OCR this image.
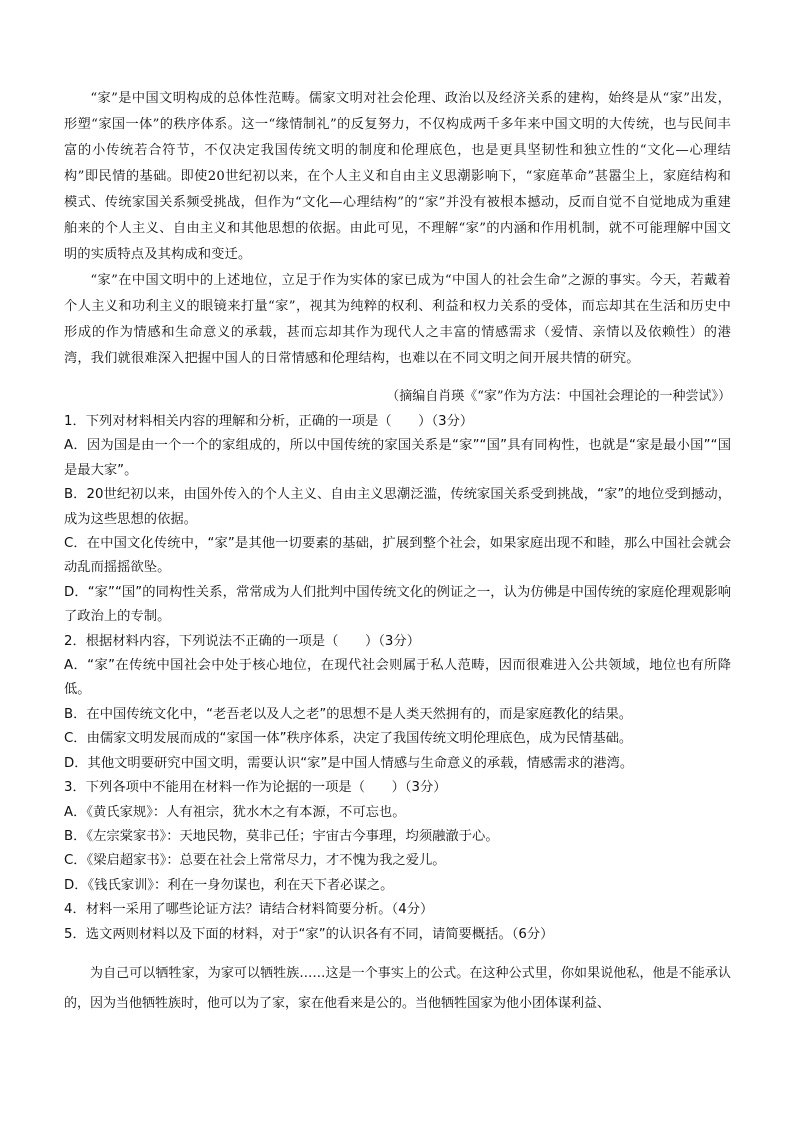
“家”是中国文明构成的总体性范畴。儒家文明对社会伦理、政治以及经济关系的建构，始终是从“家”出发，形塑“家国一体”的秩序体系。这一“缘情制礼”的反复努力，不仅构成两千多年来中国文明的大传统，也与民间丰富的小传统若合符节，不仅决定我国传统文明的制度和伦理底色，也是更具坚韧性和独立性的“文化—心理结构”即民情的基础。即使20世纪初以来，在个人主义和自由主义思潮影响下，“家庭革命”甚嚣尘上，家庭结构和模式、传统家国关系频受挑战，但作为“文化—心理结构”的“家”并没有被根本撼动，反而自觉不自觉地成为重建舶来的个人主义、自由主义和其他思想的依据。由此可见，不理解“家”的内涵和作用机制，就不可能理解中国文明的实质特点及其构成和变迁。

“家”在中国文明中的上述地位，立足于作为实体的家已成为“中国人的社会生命”之源的事实。今天，若戴着个人主义和功利主义的眼镜来打量“家”，视其为纯粹的权利、利益和权力关系的受体，而忘却其在生活和历史中形成的作为情感和生命意义的承载，甚而忘却其作为现代人之丰富的情感需求（爱情、亲情以及依赖性）的港湾，我们就很难深入把握中国人的日常情感和伦理结构，也难以在不同文明之间开展共情的研究。

（摘编自肖瑛《“家”作为方法：中国社会理论的一种尝试》）
1．下列对材料相关内容的理解和分析，正确的一项是（　　）（3分）
A．因为国是由一个一个的家组成的，所以中国传统的家国关系是“家”“国”具有同构性，也就是“家是最小国”“国是最大家”。
B．20世纪初以来，由国外传入的个人主义、自由主义思潮泛滥，传统家国关系受到挑战，“家”的地位受到撼动，成为这些思想的依据。
C．在中国文化传统中，“家”是其他一切要素的基础，扩展到整个社会，如果家庭出现不和睦，那么中国社会就会动乱而摇摇欲坠。
D．“家”“国”的同构性关系，常常成为人们批判中国传统文化的例证之一，认为仿佛是中国传统的家庭伦理观影响了政治上的专制。
2．根据材料内容，下列说法不正确的一项是（　　）（3分）
A．“家”在传统中国社会中处于核心地位，在现代社会则属于私人范畴，因而很难进入公共领域，地位也有所降低。
B．在中国传统文化中，“老吾老以及人之老”的思想不是人类天然拥有的，而是家庭教化的结果。
C．由儒家文明发展而成的“家国一体”秩序体系，决定了我国传统文明伦理底色，成为民情基础。
D．其他文明要研究中国文明，需要认识“家”是中国人情感与生命意义的承载，情感需求的港湾。
3．下列各项中不能用在材料一作为论据的一项是（　　）（3分）
A．《黄氏家规》：人有祖宗，犹水木之有本源，不可忘也。
B．《左宗棠家书》：天地民物，莫非己任；宇宙古今事理，均须融澈于心。
C．《梁启超家书》：总要在社会上常常尽力，才不愧为我之爱儿。
D．《钱氏家训》：利在一身勿谋也，利在天下者必谋之。
4．材料一采用了哪些论证方法？请结合材料简要分析。（4分）
5．选文两则材料以及下面的材料，对于“家”的认识各有不同，请简要概括。（6分）

为自己可以牺牲家，为家可以牺牲族……这是一个事实上的公式。在这种公式里，你如果说他私，他是不能承认的，因为当他牺牲族时，他可以为了家，家在他看来是公的。当他牺牲国家为他小团体谋利益、
